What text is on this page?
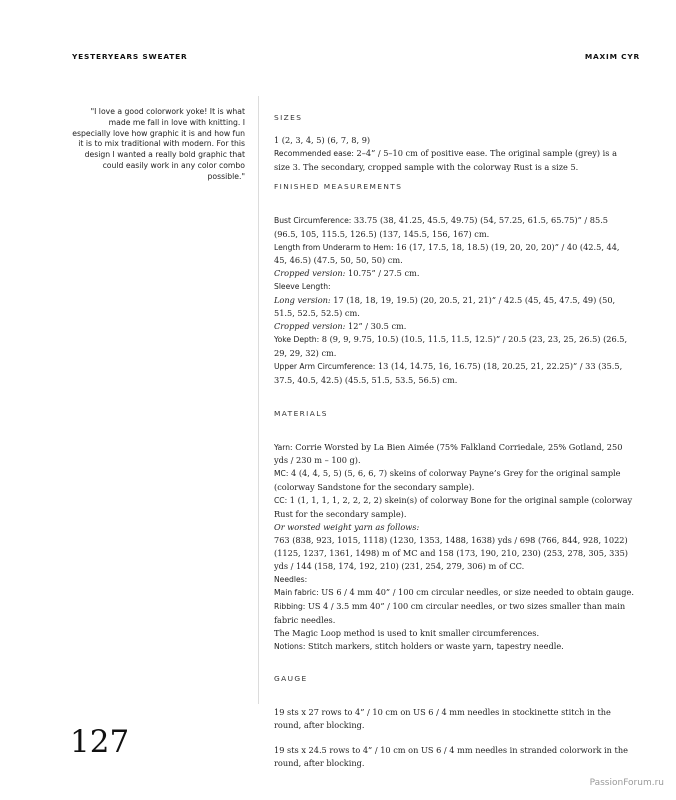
YESTERYEARS SWEATER	MAXIM CYR
"I love a good colorwork yoke! It is what made me fall in love with knitting. I especially love how graphic it is and how fun it is to mix traditional with modern. For this design I wanted a really bold graphic that could easily work in any color combo possible."
SIZES

1 (2, 3, 4, 5) (6, 7, 8, 9)

Recommended ease: 2–4” / 5–10 cm of positive ease. The original sample (grey) is a size 3. The secondary, cropped sample with the colorway Rust is a size 5.

FINISHED MEASUREMENTS

Bust Circumference: 33.75 (38, 41.25, 45.5, 49.75) (54, 57.25, 61.5, 65.75)” / 85.5 (96.5, 105, 115.5, 126.5) (137, 145.5, 156, 167) cm.

Length from Underarm to Hem: 16 (17, 17.5, 18, 18.5) (19, 20, 20, 20)” / 40 (42.5, 44, 45, 46.5) (47.5, 50, 50, 50) cm.

Cropped version: 10.75” / 27.5 cm.

Sleeve Length:

Long version: 17 (18, 18, 19, 19.5) (20, 20.5, 21, 21)” / 42.5 (45, 45, 47.5, 49) (50, 51.5, 52.5, 52.5) cm.

Cropped version: 12” / 30.5 cm.

Yoke Depth: 8 (9, 9, 9.75, 10.5) (10.5, 11.5, 11.5, 12.5)” / 20.5 (23, 23, 25, 26.5) (26.5, 29, 29, 32) cm.

Upper Arm Circumference: 13 (14, 14.75, 16, 16.75) (18, 20.25, 21, 22.25)” / 33 (35.5, 37.5, 40.5, 42.5) (45.5, 51.5, 53.5, 56.5) cm.

MATERIALS

Yarn: Corrie Worsted by La Bien Aimée (75% Falkland Corriedale, 25% Gotland, 250 yds / 230 m – 100 g).

MC: 4 (4, 4, 5, 5) (5, 6, 6, 7) skeins of colorway Payne’s Grey for the original sample (colorway Sandstone for the secondary sample).

CC: 1 (1, 1, 1, 1, 2, 2, 2, 2) skein(s) of colorway Bone for the original sample (colorway Rust for the secondary sample).

Or worsted weight yarn as follows:

763 (838, 923, 1015, 1118) (1230, 1353, 1488, 1638) yds / 698 (766, 844, 928, 1022) (1125, 1237, 1361, 1498) m of MC and 158 (173, 190, 210, 230) (253, 278, 305, 335) yds / 144 (158, 174, 192, 210) (231, 254, 279, 306) m of CC.

Needles:

Main fabric: US 6 / 4 mm 40” / 100 cm circular needles, or size needed to obtain gauge.

Ribbing: US 4 / 3.5 mm 40” / 100 cm circular needles, or two sizes smaller than main fabric needles.

The Magic Loop method is used to knit smaller circumferences.

Notions: Stitch markers, stitch holders or waste yarn, tapestry needle.

GAUGE

19 sts x 27 rows to 4” / 10 cm on US 6 / 4 mm needles in stockinette stitch in the round, after blocking.

19 sts x 24.5 rows to 4” / 10 cm on US 6 / 4 mm needles in stranded colorwork in the round, after blocking.

127
PassionForum.ru
